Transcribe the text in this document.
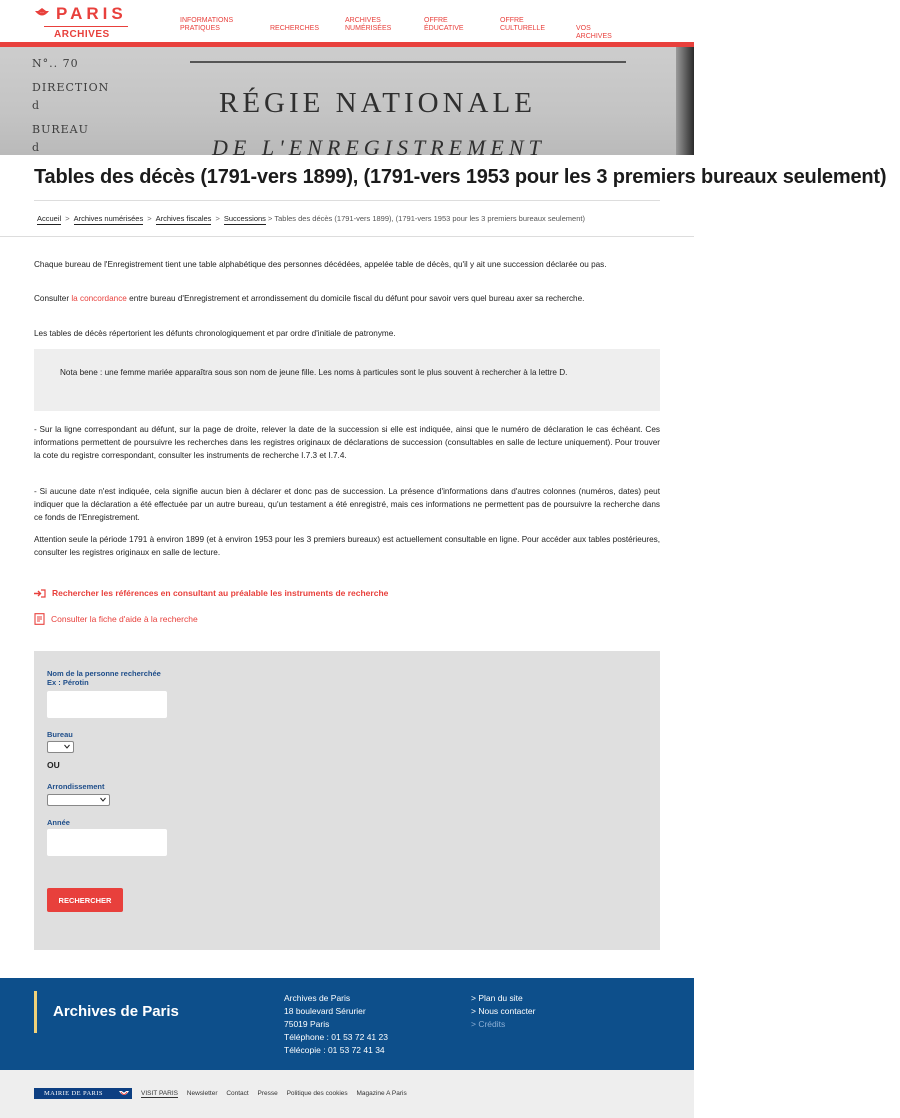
PARIS
ARCHIVES
INFORMATIONS
PRATIQUES	RECHERCHES
ARCHIVES
NUMÉRISÉES
OFFRE
ÉDUCATIVE
OFFRE
CULTURELLE	VOS ARCHIVES
N°.. 70
DIRECTION
d
BUREAU
d
RÉGIE NATIONALE
DE L'ENREGISTREMENT
Tables des décès (1791-vers 1899), (1791-vers 1953 pour les 3 premiers bureaux seulement)
Accueil > Archives numérisées > Archives fiscales > Successions > Tables des décès (1791-vers 1899), (1791-vers 1953 pour les 3 premiers bureaux seulement)

Chaque bureau de l'Enregistrement tient une table alphabétique des personnes décédées, appelée table de décès, qu'il y ait une succession déclarée ou pas.

Consulter la concordance entre bureau d'Enregistrement et arrondissement du domicile fiscal du défunt pour savoir vers quel bureau axer sa recherche.

Les tables de décès répertorient les défunts chronologiquement et par ordre d'initiale de patronyme.

Nota bene : une femme mariée apparaîtra sous son nom de jeune fille. Les noms à particules sont le plus souvent à rechercher à la lettre D.

- Sur la ligne correspondant au défunt, sur la page de droite, relever la date de la succession si elle est indiquée, ainsi que le numéro de déclaration le cas échéant. Ces informations permettent de poursuivre les recherches dans les registres originaux de déclarations de succession (consultables en salle de lecture uniquement). Pour trouver la cote du registre correspondant, consulter les instruments de recherche I.7.3 et I.7.4.

- Si aucune date n'est indiquée, cela signifie aucun bien à déclarer et donc pas de succession. La présence d'informations dans d'autres colonnes (numéros, dates) peut indiquer que la déclaration a été effectuée par un autre bureau, qu'un testament a été enregistré, mais ces informations ne permettent pas de poursuivre la recherche dans ce fonds de l'Enregistrement.

Attention seule la période 1791 à environ 1899 (et à environ 1953 pour les 3 premiers bureaux) est actuellement consultable en ligne. Pour accéder aux tables postérieures, consulter les registres originaux en salle de lecture.

Rechercher les références en consultant au préalable les instruments de recherche
Consulter la fiche d'aide à la recherche
Nom de la personne recherchée
Ex : Pérotin
Bureau
OU
Arrondissement
Année
RECHERCHER
Archives de Paris
Archives de Paris
18 boulevard Sérurier
75019 Paris
Téléphone : 01 53 72 41 23
Télécopie : 01 53 72 41 34
> Plan du site
> Nous contacter
> Crédits
MAIRIE DE PARIS	VISIT PARIS Newsletter Contact Presse Politique des cookies Magazine A Paris
